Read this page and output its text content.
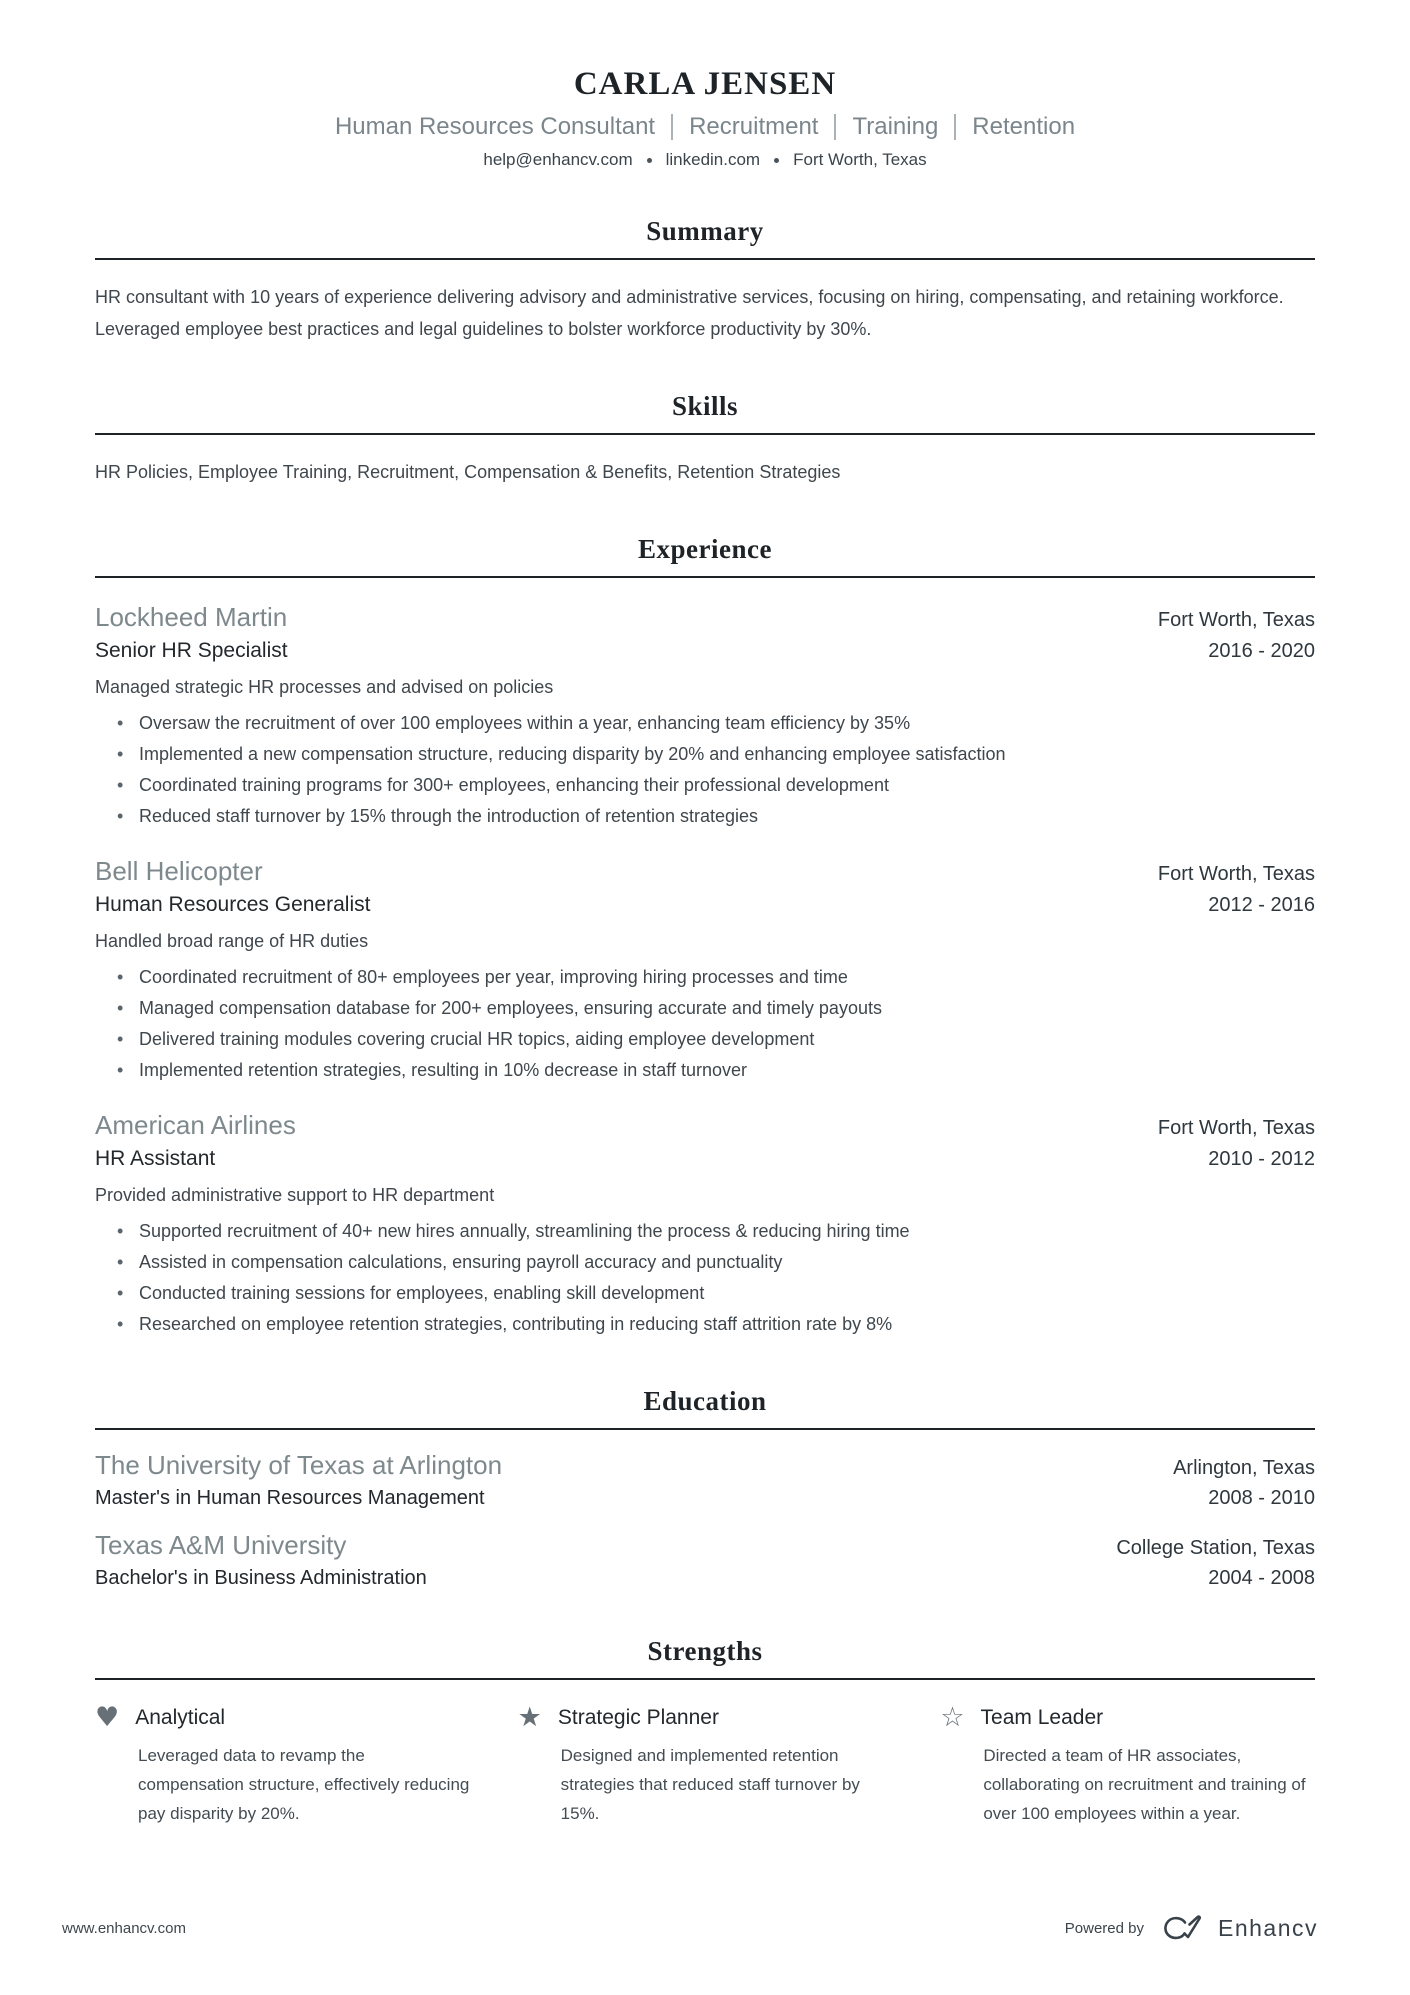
CARLA JENSEN
Human Resources Consultant Recruitment Training Retention
help@enhancv.com linkedin.com Fort Worth, Texas
Summary
HR consultant with 10 years of experience delivering advisory and administrative services, focusing on hiring, compensating, and retaining workforce. Leveraged employee best practices and legal guidelines to bolster workforce productivity by 30%.
Skills
HR Policies, Employee Training, Recruitment, Compensation & Benefits, Retention Strategies
Experience
Lockheed Martin	Fort Worth, Texas
Senior HR Specialist	2016 - 2020
Managed strategic HR processes and advised on policies
• Oversaw the recruitment of over 100 employees within a year, enhancing team efficiency by 35%
• Implemented a new compensation structure, reducing disparity by 20% and enhancing employee satisfaction
• Coordinated training programs for 300+ employees, enhancing their professional development
• Reduced staff turnover by 15% through the introduction of retention strategies
Bell Helicopter	Fort Worth, Texas
Human Resources Generalist	2012 - 2016
Handled broad range of HR duties
• Coordinated recruitment of 80+ employees per year, improving hiring processes and time
• Managed compensation database for 200+ employees, ensuring accurate and timely payouts
• Delivered training modules covering crucial HR topics, aiding employee development
• Implemented retention strategies, resulting in 10% decrease in staff turnover
American Airlines	Fort Worth, Texas
HR Assistant	2010 - 2012
Provided administrative support to HR department
• Supported recruitment of 40+ new hires annually, streamlining the process & reducing hiring time
• Assisted in compensation calculations, ensuring payroll accuracy and punctuality
• Conducted training sessions for employees, enabling skill development
• Researched on employee retention strategies, contributing in reducing staff attrition rate by 8%
Education
The University of Texas at Arlington	Arlington, Texas
Master's in Human Resources Management	2008 - 2010
Texas A&M University	College Station, Texas
Bachelor's in Business Administration	2004 - 2008
Strengths
♥ Analytical
Leveraged data to revamp the compensation structure, effectively reducing pay disparity by 20%.
★ Strategic Planner
Designed and implemented retention strategies that reduced staff turnover by 15%.
☆ Team Leader
Directed a team of HR associates, collaborating on recruitment and training of over 100 employees within a year.
www.enhancv.com	Powered by	Enhancv
